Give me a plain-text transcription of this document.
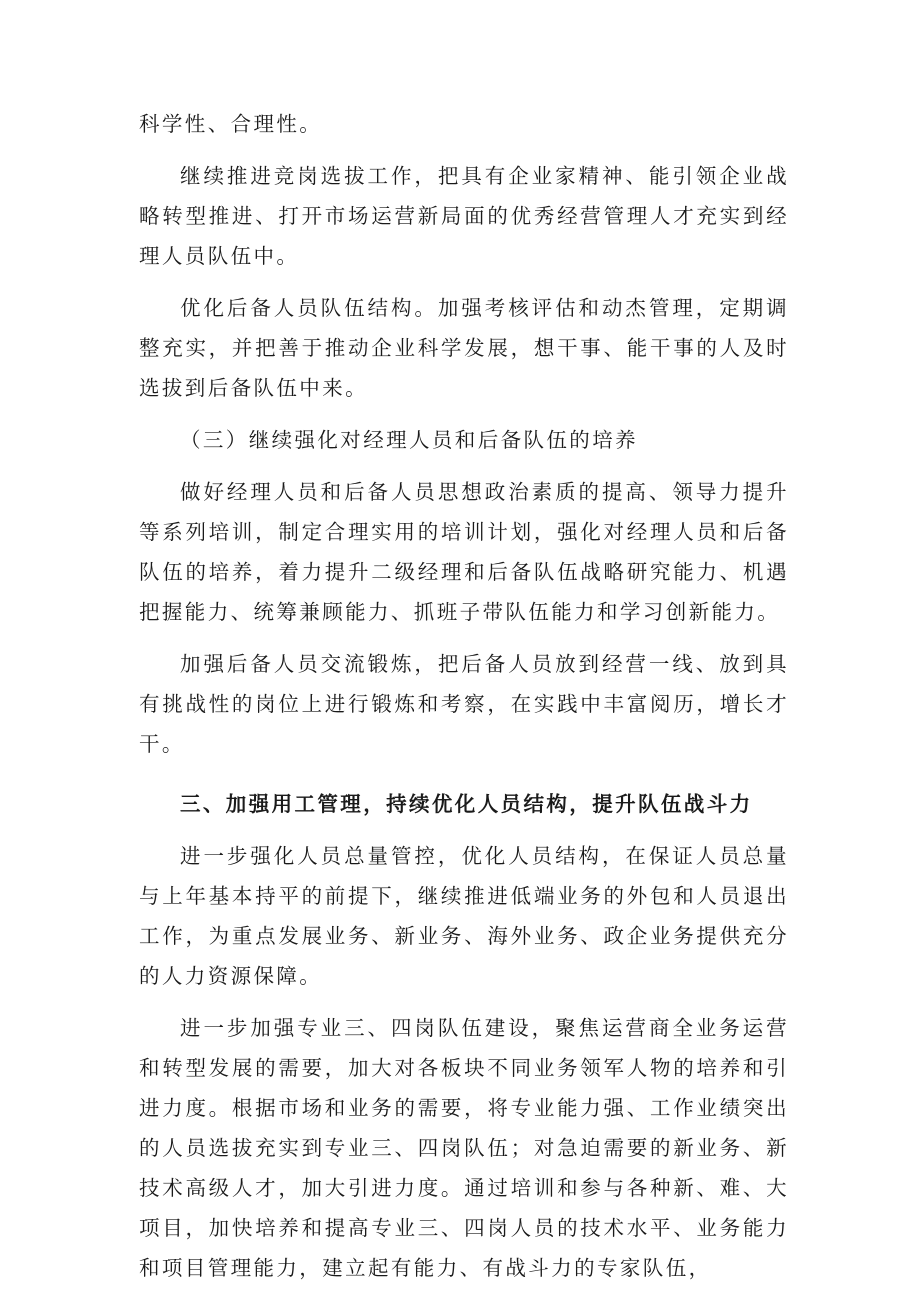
科学性、合理性。

继续推进竞岗选拔工作，把具有企业家精神、能引领企业战略转型推进、打开市场运营新局面的优秀经营管理人才充实到经理人员队伍中。

优化后备人员队伍结构。加强考核评估和动杰管理，定期调整充实，并把善于推动企业科学发展，想干事、能干事的人及时选拔到后备队伍中来。

（三）继续强化对经理人员和后备队伍的培养

做好经理人员和后备人员思想政治素质的提高、领导力提升等系列培训，制定合理实用的培训计划，强化对经理人员和后备队伍的培养，着力提升二级经理和后备队伍战略研究能力、机遇把握能力、统筹兼顾能力、抓班子带队伍能力和学习创新能力。

加强后备人员交流锻炼，把后备人员放到经营一线、放到具有挑战性的岗位上进行锻炼和考察，在实践中丰富阅历，增长才干。

三、加强用工管理，持续优化人员结构，提升队伍战斗力

进一步强化人员总量管控，优化人员结构，在保证人员总量与上年基本持平的前提下，继续推进低端业务的外包和人员退出工作，为重点发展业务、新业务、海外业务、政企业务提供充分的人力资源保障。

进一步加强专业三、四岗队伍建设，聚焦运营商全业务运营和转型发展的需要，加大对各板块不同业务领军人物的培养和引进力度。根据市场和业务的需要，将专业能力强、工作业绩突出的人员选拔充实到专业三、四岗队伍；对急迫需要的新业务、新技术高级人才，加大引进力度。通过培训和参与各种新、难、大项目，加快培养和提高专业三、四岗人员的技术水平、业务能力和项目管理能力，建立起有能力、有战斗力的专家队伍，
